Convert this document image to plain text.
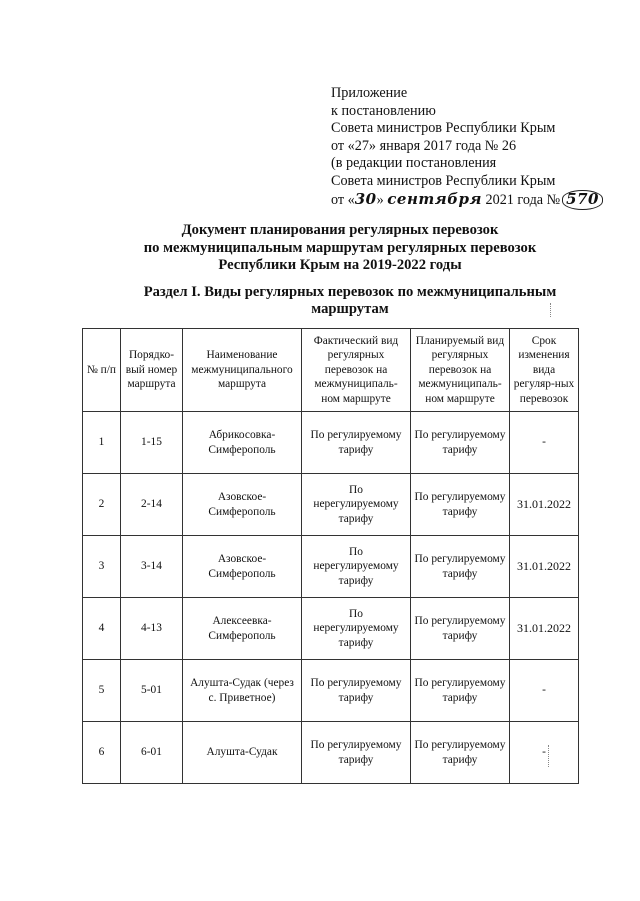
Приложение
к постановлению
Совета министров Республики Крым
от «27» января 2017 года № 26
(в редакции постановления
Совета министров Республики Крым
от «30» сентября 2021 года № 570
Документ планирования регулярных перевозок
по межмуниципальным маршрутам регулярных перевозок
Республики Крым на 2019-2022 годы
Раздел I. Виды регулярных перевозок по межмуниципальным маршрутам
№ п/п	Порядко-вый номер маршрута	Наименование межмуниципального маршрута	Фактический вид регулярных перевозок на межмуниципаль-ном маршруте	Планируемый вид регулярных перевозок на межмуниципаль-ном маршруте	Срок изменения вида регуляр-ных перевозок
1	1-15	Абрикосовка-Симферополь	По регулируемому тарифу	По регулируемому тарифу	-
2	2-14	Азовское-Симферополь	По нерегулируемому тарифу	По регулируемому тарифу	31.01.2022
3	3-14	Азовское-Симферополь	По нерегулируемому тарифу	По регулируемому тарифу	31.01.2022
4	4-13	Алексеевка-Симферополь	По нерегулируемому тарифу	По регулируемому тарифу	31.01.2022
5	5-01	Алушта-Судак (через с. Приветное)	По регулируемому тарифу	По регулируемому тарифу	-
6	6-01	Алушта-Судак	По регулируемому тарифу	По регулируемому тарифу	-
